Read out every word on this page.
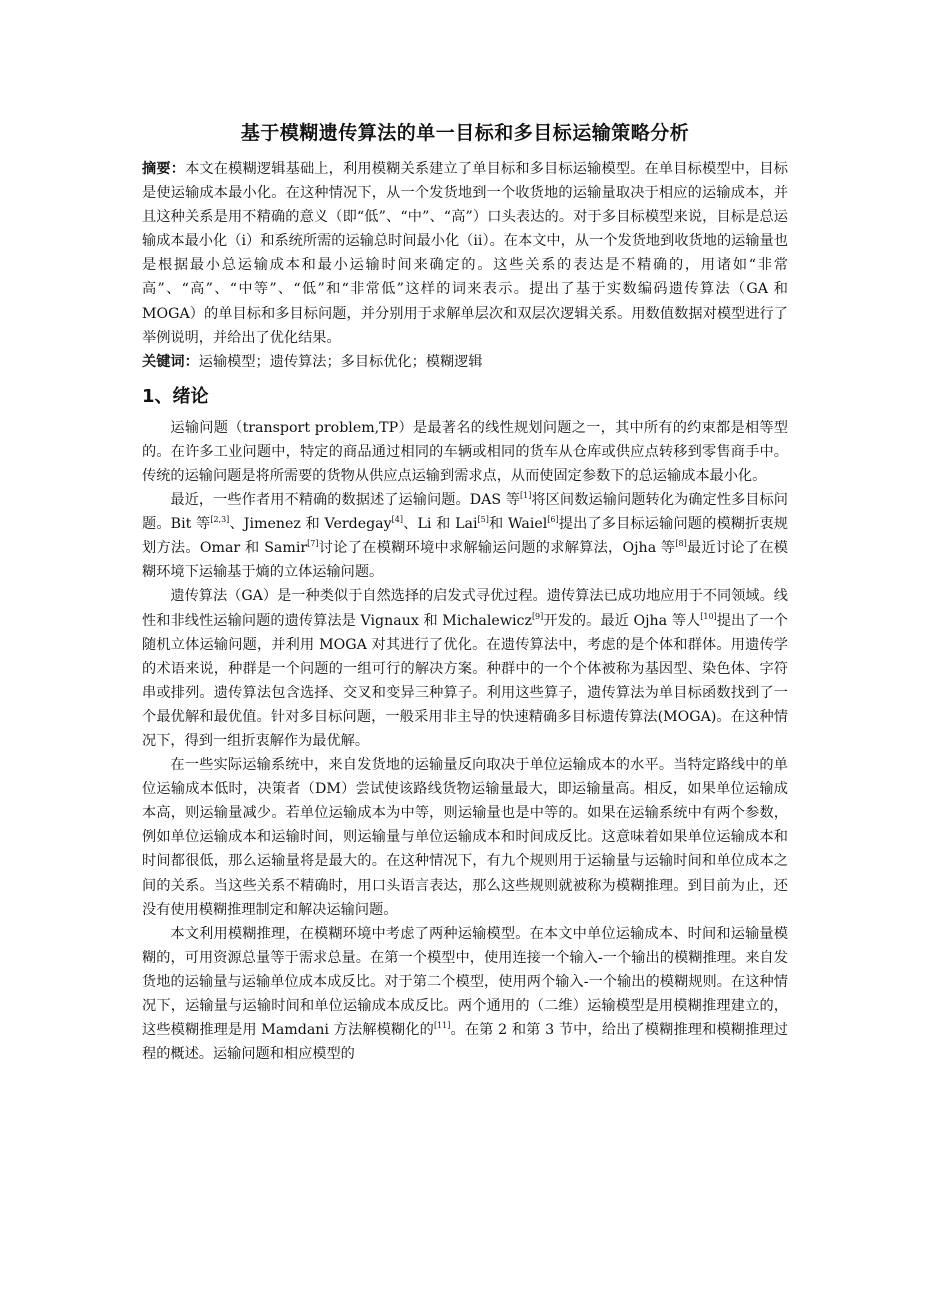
基于模糊遗传算法的单一目标和多目标运输策略分析

摘要：本文在模糊逻辑基础上，利用模糊关系建立了单目标和多目标运输模型。在单目标模型中，目标是使运输成本最小化。在这种情况下，从一个发货地到一个收货地的运输量取决于相应的运输成本，并且这种关系是用不精确的意义（即“低”、“中”、“高”）口头表达的。对于多目标模型来说，目标是总运输成本最小化（i）和系统所需的运输总时间最小化（ii）。在本文中，从一个发货地到收货地的运输量也是根据最小总运输成本和最小运输时间来确定的。这些关系的表达是不精确的，用诸如“非常高”、“高”、“中等”、“低”和“非常低”这样的词来表示。提出了基于实数编码遗传算法（GA 和 MOGA）的单目标和多目标问题，并分别用于求解单层次和双层次逻辑关系。用数值数据对模型进行了举例说明，并给出了优化结果。

关键词：运输模型；遗传算法；多目标优化；模糊逻辑

1、绪论

运输问题（transport problem,TP）是最著名的线性规划问题之一，其中所有的约束都是相等型的。在许多工业问题中，特定的商品通过相同的车辆或相同的货车从仓库或供应点转移到零售商手中。传统的运输问题是将所需要的货物从供应点运输到需求点，从而使固定参数下的总运输成本最小化。

最近，一些作者用不精确的数据述了运输问题。DAS 等[1]将区间数运输问题转化为确定性多目标问题。Bit 等[2,3]、Jimenez 和 Verdegay[4]、Li 和 Lai[5]和 Waiel[6]提出了多目标运输问题的模糊折衷规划方法。Omar 和 Samir[7]讨论了在模糊环境中求解输运问题的求解算法，Ojha 等[8]最近讨论了在模糊环境下运输基于熵的立体运输问题。

遗传算法（GA）是一种类似于自然选择的启发式寻优过程。遗传算法已成功地应用于不同领域。线性和非线性运输问题的遗传算法是 Vignaux 和 Michalewicz[9]开发的。最近 Ojha 等人[10]提出了一个随机立体运输问题，并利用 MOGA 对其进行了优化。在遗传算法中，考虑的是个体和群体。用遗传学的术语来说，种群是一个问题的一组可行的解决方案。种群中的一个个体被称为基因型、染色体、字符串或排列。遗传算法包含选择、交叉和变异三种算子。利用这些算子，遗传算法为单目标函数找到了一个最优解和最优值。针对多目标问题，一般采用非主导的快速精确多目标遗传算法(MOGA)。在这种情况下，得到一组折衷解作为最优解。

在一些实际运输系统中，来自发货地的运输量反向取决于单位运输成本的水平。当特定路线中的单位运输成本低时，决策者（DM）尝试使该路线货物运输量最大，即运输量高。相反，如果单位运输成本高，则运输量减少。若单位运输成本为中等，则运输量也是中等的。如果在运输系统中有两个参数，例如单位运输成本和运输时间，则运输量与单位运输成本和时间成反比。这意味着如果单位运输成本和时间都很低，那么运输量将是最大的。在这种情况下，有九个规则用于运输量与运输时间和单位成本之间的关系。当这些关系不精确时，用口头语言表达，那么这些规则就被称为模糊推理。到目前为止，还没有使用模糊推理制定和解决运输问题。

本文利用模糊推理，在模糊环境中考虑了两种运输模型。在本文中单位运输成本、时间和运输量模糊的，可用资源总量等于需求总量。在第一个模型中，使用连接一个输入-一个输出的模糊推理。来自发货地的运输量与运输单位成本成反比。对于第二个模型，使用两个输入-一个输出的模糊规则。在这种情况下，运输量与运输时间和单位运输成本成反比。两个通用的（二维）运输模型是用模糊推理建立的，这些模糊推理是用 Mamdani 方法解模糊化的[11]。在第 2 和第 3 节中，给出了模糊推理和模糊推理过程的概述。运输问题和相应模型的
